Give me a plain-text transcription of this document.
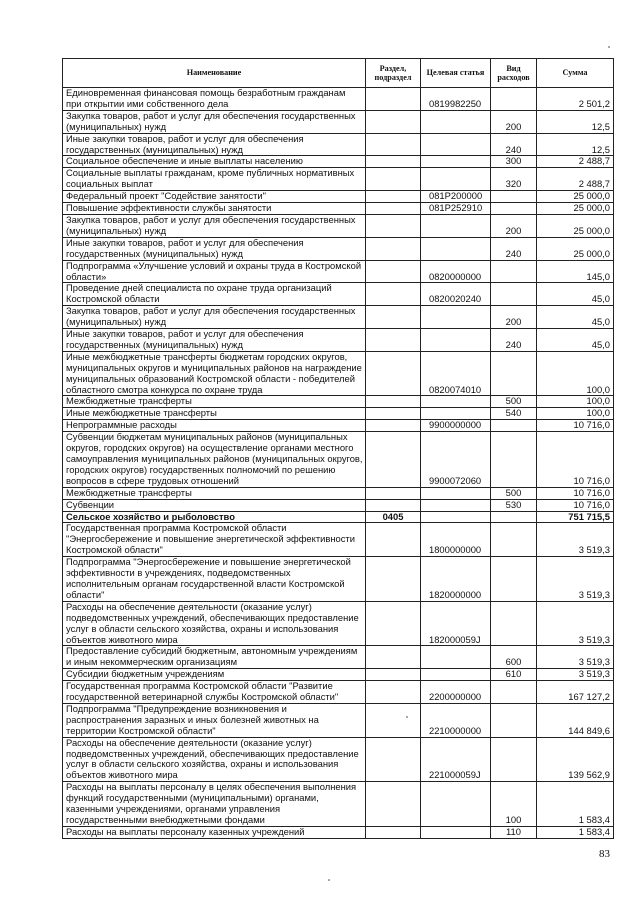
Наименование	Раздел, подраздел	Целевая статья	Вид расходов	Сумма
Единовременная финансовая помощь безработным гражданам при открытии ими собственного дела		0819982250		2 501,2
Закупка товаров, работ и услуг для обеспечения государственных (муниципальных) нужд			200	12,5
Иные закупки товаров, работ и услуг для обеспечения государственных (муниципальных) нужд			240	12,5
Социальное обеспечение и иные выплаты населению			300	2 488,7
Социальные выплаты гражданам, кроме публичных нормативных социальных выплат			320	2 488,7
Федеральный проект "Содействие занятости"		081P200000		25 000,0
Повышение эффективности службы занятости		081P252910		25 000,0
Закупка товаров, работ и услуг для обеспечения государственных (муниципальных) нужд			200	25 000,0
Иные закупки товаров, работ и услуг для обеспечения государственных (муниципальных) нужд			240	25 000,0
Подпрограмма «Улучшение условий и охраны труда в Костромской области»		0820000000		145,0
Проведение дней специалиста по охране труда организаций Костромской области		0820020240		45,0
Закупка товаров, работ и услуг для обеспечения государственных (муниципальных) нужд			200	45,0
Иные закупки товаров, работ и услуг для обеспечения государственных (муниципальных) нужд			240	45,0
Иные межбюджетные трансферты бюджетам городских округов, муниципальных округов и муниципальных районов на награждение муниципальных образований Костромской области - победителей областного смотра конкурса по охране труда		0820074010		100,0
Межбюджетные трансферты			500	100,0
Иные межбюджетные трансферты			540	100,0
Непрограммные расходы		9900000000		10 716,0
Субвенции бюджетам муниципальных районов (муниципальных округов, городских округов) на осуществление органами местного самоуправления муниципальных районов (муниципальных округов, городских округов) государственных полномочий по решению вопросов в сфере трудовых отношений		9900072060		10 716,0
Межбюджетные трансферты			500	10 716,0
Субвенции			530	10 716,0
Сельское хозяйство и рыболовство	0405			751 715,5
Государственная программа Костромской области "Энергосбережение и повышение энергетической эффективности Костромской области"		1800000000		3 519,3
Подпрограмма "Энергосбережение и повышение энергетической эффективности в учреждениях, подведомственных исполнительным органам государственной власти Костромской области"		1820000000		3 519,3
Расходы на обеспечение деятельности (оказание услуг) подведомственных учреждений, обеспечивающих предоставление услуг в области сельского хозяйства, охраны и использования объектов животного мира		182000059J		3 519,3
Предоставление субсидий бюджетным, автономным учреждениям и иным некоммерческим организациям			600	3 519,3
Субсидии бюджетным учреждениям			610	3 519,3
Государственная программа Костромской области "Развитие государственной ветеринарной службы Костромской области"		2200000000		167 127,2
Подпрограмма "Предупреждение возникновения и распространения заразных и иных болезней животных на территории Костромской области"		2210000000		144 849,6
Расходы на обеспечение деятельности (оказание услуг) подведомственных учреждений, обеспечивающих предоставление услуг в области сельского хозяйства, охраны и использования объектов животного мира		221000059J		139 562,9
Расходы на выплаты персоналу в целях обеспечения выполнения функций государственными (муниципальными) органами, казенными учреждениями, органами управления государственными внебюджетными фондами			100	1 583,4
Расходы на выплаты персоналу казенных учреждений			110	1 583,4
83
